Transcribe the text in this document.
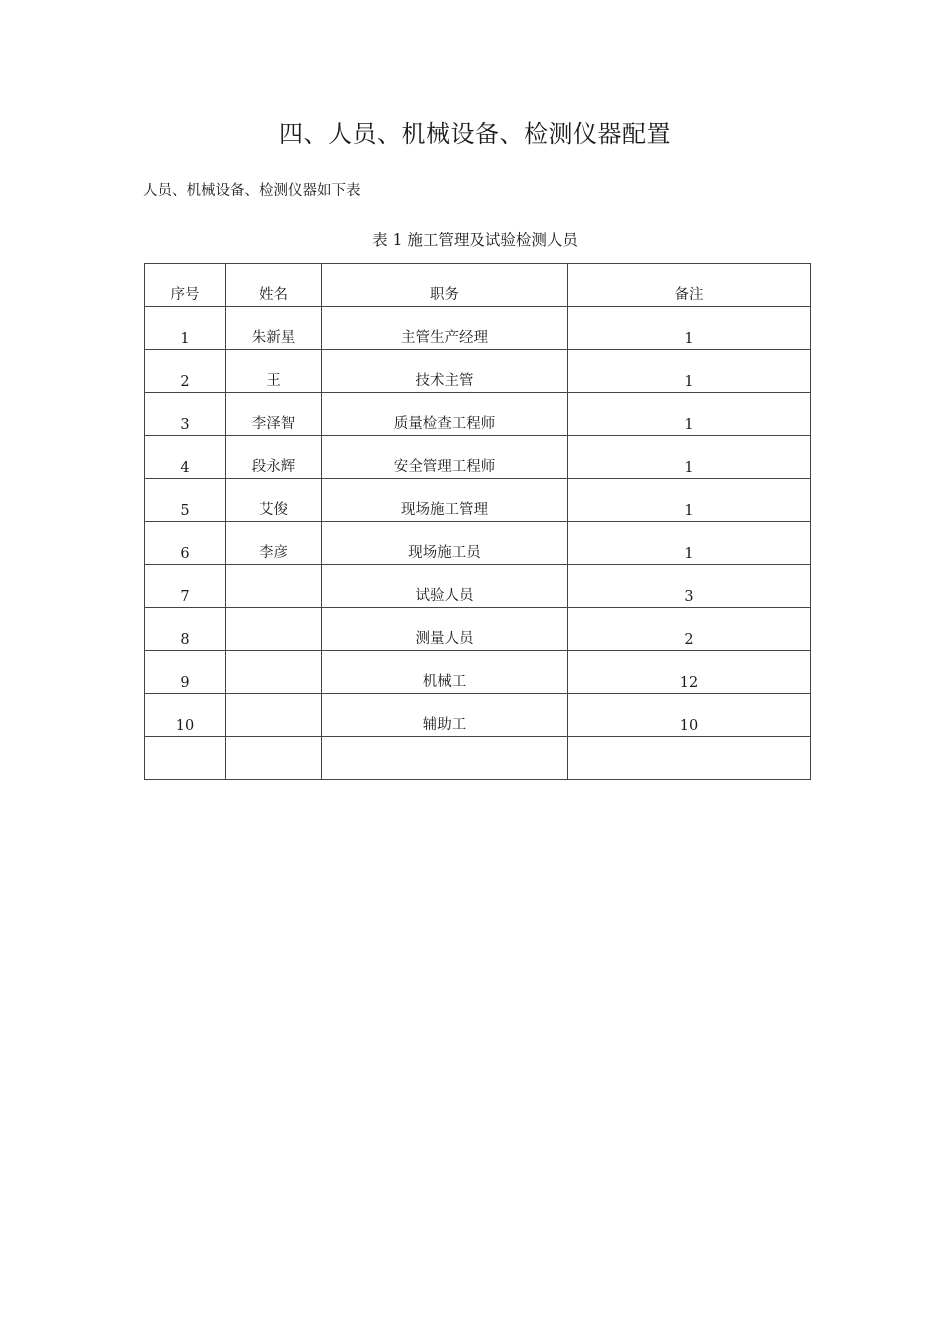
四、人员、机械设备、检测仪器配置
人员、机械设备、检测仪器如下表
表 1 施工管理及试验检测人员
序号	姓名	职务	备注
1	朱新星	主管生产经理	1
2	王	技术主管	1
3	李泽智	质量检查工程师	1
4	段永辉	安全管理工程师	1
5	艾俊	现场施工管理	1
6	李彦	现场施工员	1
7		试验人员	3
8		测量人员	2
9		机械工	12
10		辅助工	10
